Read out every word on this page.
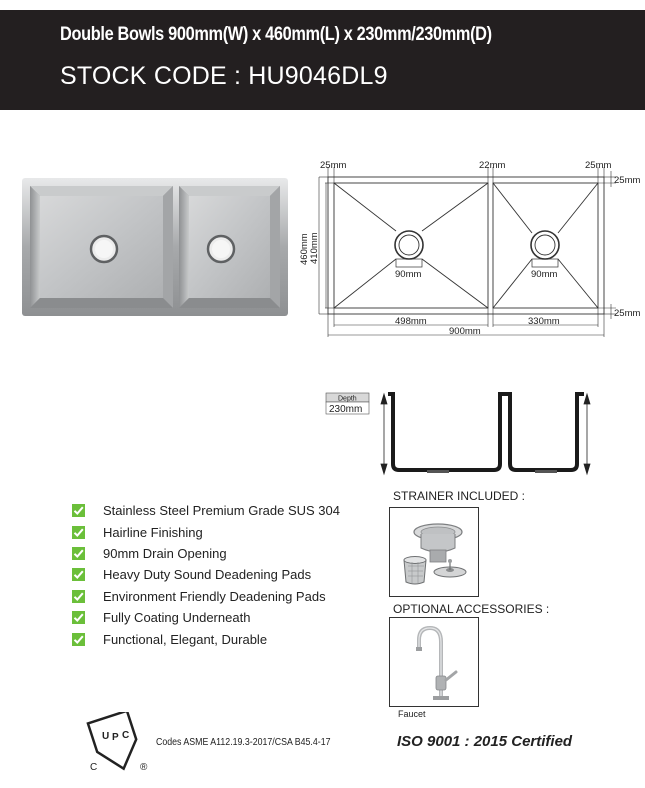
Double Bowls 900mm(W) x 460mm(L) x 230mm/230mm(D)
STOCK CODE : HU9046DL9
25mm	22mm	25mm
25mm
25mm
460mm 410mm
90mm	90mm
498mm	330mm
900mm
Depth
230mm
Stainless Steel Premium Grade SUS 304
Hairline Finishing
90mm Drain Opening
Heavy Duty Sound Deadening Pads
Environment Friendly Deadening Pads
Fully Coating Underneath
Functional, Elegant, Durable
STRAINER INCLUDED :
OPTIONAL ACCESSORIES :
Faucet
U P C
C	®
Codes ASME A112.19.3-2017/CSA B45.4-17	ISO 9001 : 2015 Certified
